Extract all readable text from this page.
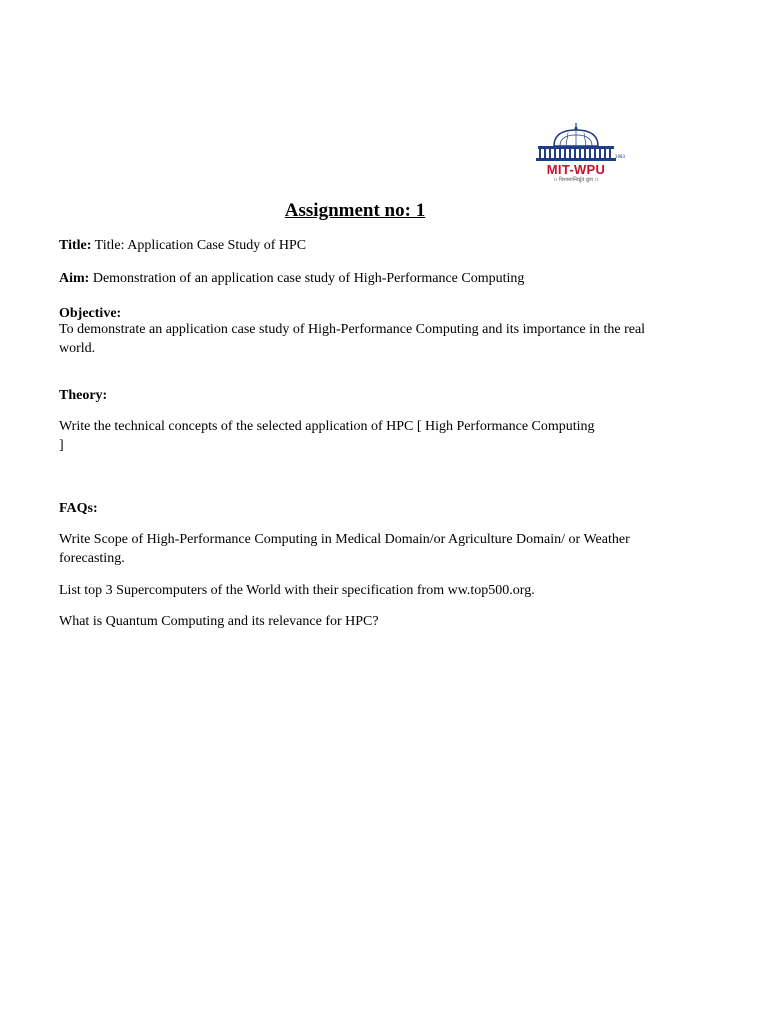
1983
MIT-WPU
।। विश्वशान्तिर्ध्रुवं ध्रुवा ।।
Assignment no: 1
Title: Title: Application Case Study of HPC
Aim: Demonstration of an application case study of High-Performance Computing
Objective:
To demonstrate an application case study of High-Performance Computing and its importance in the real world.
Theory:
Write the technical concepts of the selected application of HPC [ High Performance Computing ]
FAQs:
Write Scope of High-Performance Computing in Medical Domain/or Agriculture Domain/ or Weather forecasting.
List top 3 Supercomputers of the World with their specification from ww.top500.org.
What is Quantum Computing and its relevance for HPC?
